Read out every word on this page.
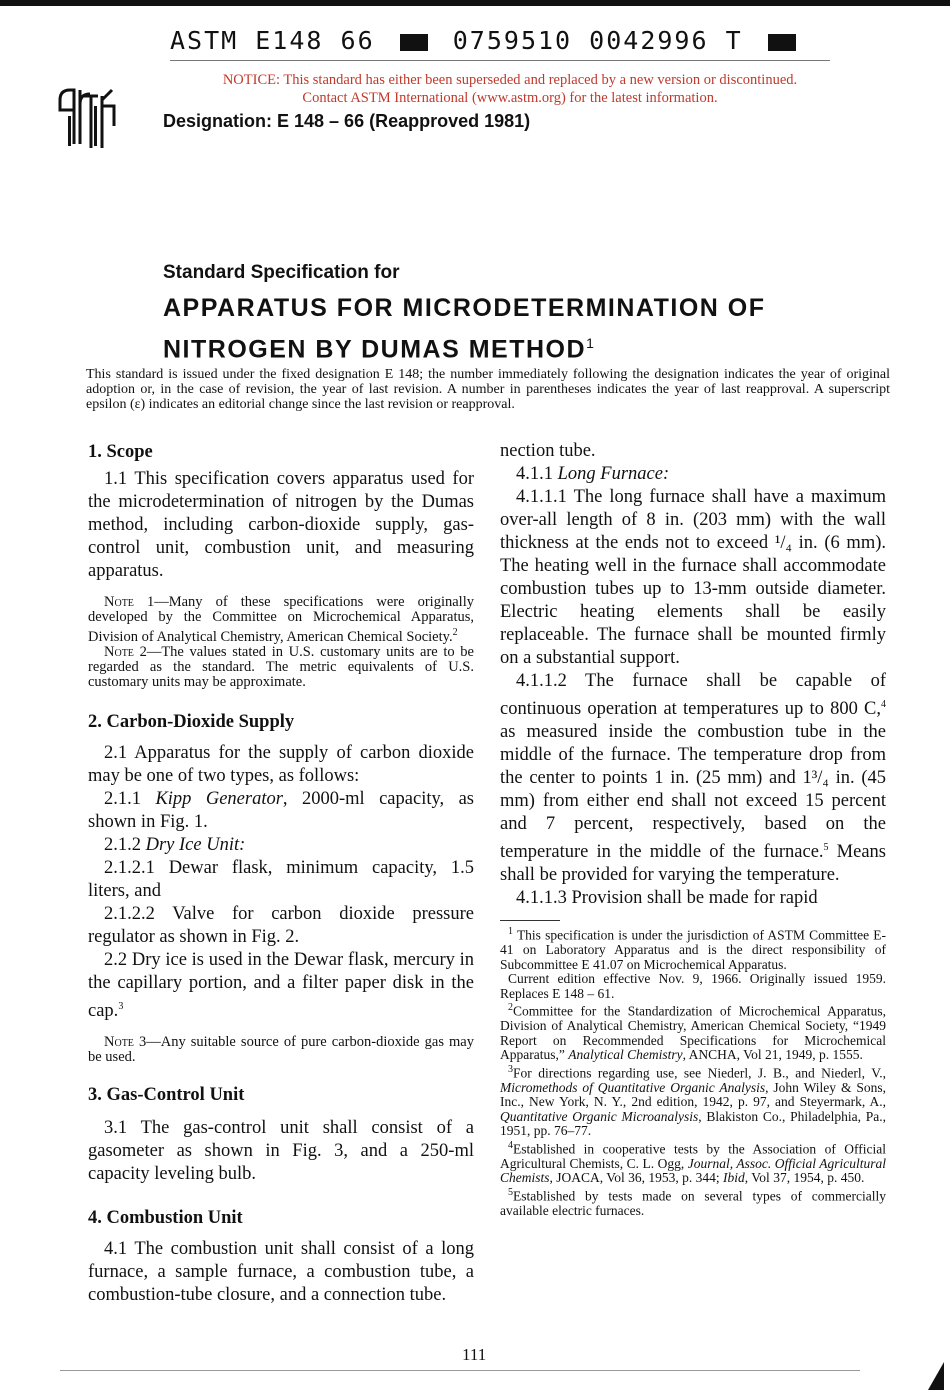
ASTM E148 66	0759510 0042996 T
NOTICE: This standard has either been superseded and replaced by a new version or discontinued.
Contact ASTM International (www.astm.org) for the latest information.
Designation: E 148 – 66 (Reapproved 1981)
Standard Specification for
APPARATUS FOR MICRODETERMINATION OF
NITROGEN BY DUMAS METHOD$^1$
This standard is issued under the fixed designation E 148; the number immediately following the designation indicates the year of original adoption or, in the case of revision, the year of last revision. A number in parentheses indicates the year of last reapproval. A superscript epsilon (ε) indicates an editorial change since the last revision or reapproval.

1. Scope

1.1 This specification covers apparatus used for the microdetermination of nitrogen by the Dumas method, including carbon-dioxide supply, gas-control unit, combustion unit, and measuring apparatus.

Note 1—Many of these specifications were originally developed by the Committee on Microchemical Apparatus, Division of Analytical Chemistry, American Chemical Society.$^2$

Note 2—The values stated in U.S. customary units are to be regarded as the standard. The metric equivalents of U.S. customary units may be approximate.

2. Carbon-Dioxide Supply

2.1 Apparatus for the supply of carbon dioxide may be one of two types, as follows:

2.1.1 Kipp Generator, 2000-ml capacity, as shown in Fig. 1.

2.1.2 Dry Ice Unit:

2.1.2.1 Dewar flask, minimum capacity, 1.5 liters, and

2.1.2.2 Valve for carbon dioxide pressure regulator as shown in Fig. 2.

2.2 Dry ice is used in the Dewar flask, mercury in the capillary portion, and a filter paper disk in the cap.$^3$

Note 3—Any suitable source of pure carbon-dioxide gas may be used.

3. Gas-Control Unit

3.1 The gas-control unit shall consist of a gasometer as shown in Fig. 3, and a 250-ml capacity leveling bulb.

4. Combustion Unit

4.1 The combustion unit shall consist of a long furnace, a sample furnace, a combustion tube, a combustion-tube closure, and a connection tube.

nection tube.

4.1.1 Long Furnace:

4.1.1.1 The long furnace shall have a maximum over-all length of 8 in. (203 mm) with the wall thickness at the ends not to exceed ¹/₄ in. (6 mm). The heating well in the furnace shall accommodate combustion tubes up to 13-mm outside diameter. Electric heating elements shall be easily replaceable. The furnace shall be mounted firmly on a substantial support.

4.1.1.2 The furnace shall be capable of continuous operation at temperatures up to 800 C,$^4$ as measured inside the combustion tube in the middle of the furnace. The temperature drop from the center to points 1 in. (25 mm) and 1³/₄ in. (45 mm) from either end shall not exceed 15 percent and 7 percent, respectively, based on the temperature in the middle of the furnace.$^5$ Means shall be provided for varying the temperature.

4.1.1.3 Provision shall be made for rapid

$^1$ This specification is under the jurisdiction of ASTM Committee E-41 on Laboratory Apparatus and is the direct responsibility of Subcommittee E 41.07 on Microchemical Apparatus.

Current edition effective Nov. 9, 1966. Originally issued 1959. Replaces E 148 – 61.

$^2$Committee for the Standardization of Microchemical Apparatus, Division of Analytical Chemistry, American Chemical Society, “1949 Report on Recommended Specifications for Microchemical Apparatus,” Analytical Chemistry, ANCHA, Vol 21, 1949, p. 1555.

$^3$For directions regarding use, see Niederl, J. B., and Niederl, V., Micromethods of Quantitative Organic Analysis, John Wiley & Sons, Inc., New York, N. Y., 2nd edition, 1942, p. 97, and Steyermark, A., Quantitative Organic Microanalysis, Blakiston Co., Philadelphia, Pa., 1951, pp. 76–77.

$^4$Established in cooperative tests by the Association of Official Agricultural Chemists, C. L. Ogg, Journal, Assoc. Official Agricultural Chemists, JOACA, Vol 36, 1953, p. 344; Ibid, Vol 37, 1954, p. 450.

$^5$Established by tests made on several types of commercially available electric furnaces.

111
